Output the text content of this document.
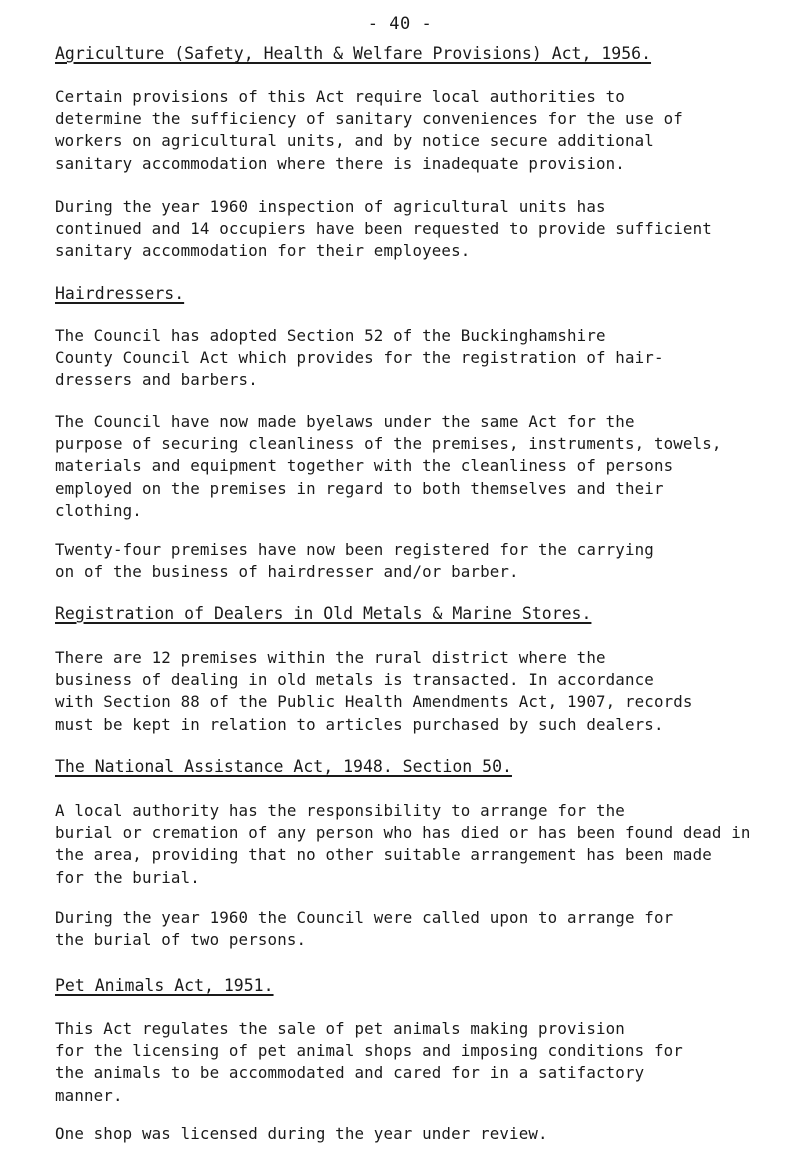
- 40 -
Agriculture (Safety, Health & Welfare Provisions) Act, 1956.
Certain provisions of this Act require local authorities to
determine the sufficiency of sanitary conveniences for the use of
workers on agricultural units, and by notice secure additional
sanitary accommodation where there is inadequate provision.
During the year 1960 inspection of agricultural units has
continued and 14 occupiers have been requested to provide sufficient
sanitary accommodation for their employees.
Hairdressers.
The Council has adopted Section 52 of the Buckinghamshire
County Council Act which provides for the registration of hair-
dressers and barbers.
The Council have now made byelaws under the same Act for the
purpose of securing cleanliness of the premises, instruments, towels,
materials and equipment together with the cleanliness of persons
employed on the premises in regard to both themselves and their
clothing.
Twenty-four premises have now been registered for the carrying
on of the business of hairdresser and/or barber.
Registration of Dealers in Old Metals & Marine Stores.
There are 12 premises within the rural district where the
business of dealing in old metals is transacted. In accordance
with Section 88 of the Public Health Amendments Act, 1907, records
must be kept in relation to articles purchased by such dealers.
The National Assistance Act, 1948. Section 50.
A local authority has the responsibility to arrange for the
burial or cremation of any person who has died or has been found dead in
the area, providing that no other suitable arrangement has been made
for the burial.
During the year 1960 the Council were called upon to arrange for
the burial of two persons.
Pet Animals Act, 1951.
This Act regulates the sale of pet animals making provision
for the licensing of pet animal shops and imposing conditions for
the animals to be accommodated and cared for in a satifactory
manner.
One shop was licensed during the year under review.
